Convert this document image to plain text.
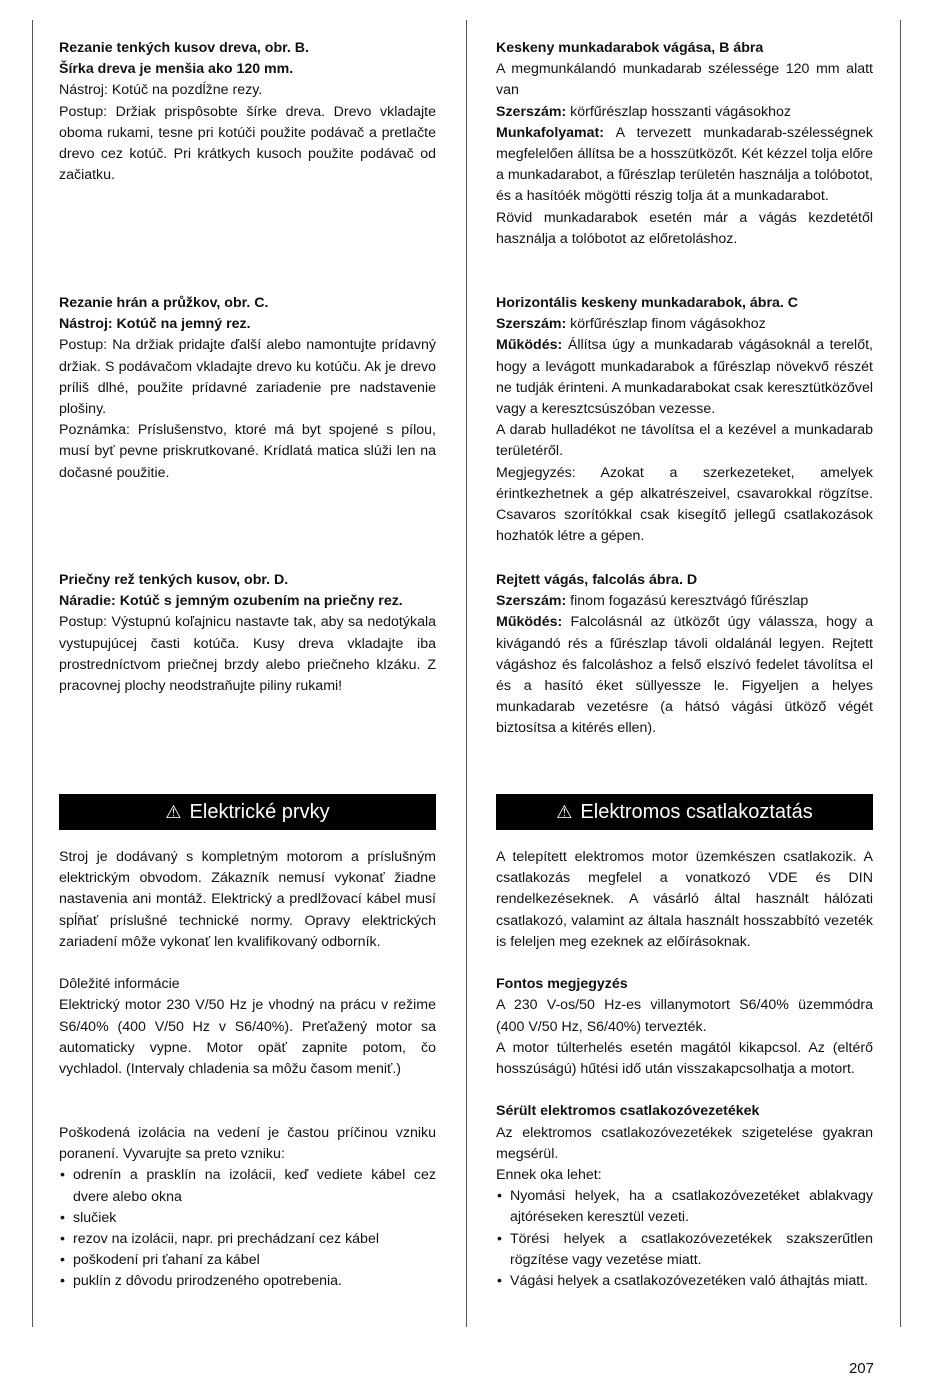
Rezanie tenkých kusov dreva, obr. B.

Šírka dreva je menšia ako 120 mm.

Nástroj: Kotúč na pozdĺžne rezy.

Postup: Držiak prispôsobte šírke dreva. Drevo vkladajte oboma rukami, tesne pri kotúči použite podávač a pretlačte drevo cez kotúč. Pri krátkych kusoch použite podávač od začiatku.

Rezanie hrán a průžkov, obr. C.

Nástroj: Kotúč na jemný rez.

Postup: Na držiak pridajte ďalší alebo namontujte prídavný držiak. S podávačom vkladajte drevo ku kotúču. Ak je drevo príliš dlhé, použite prídavné zariadenie pre nadstavenie plošiny.

Poznámka: Príslušenstvo, ktoré má byt spojené s pílou, musí byť pevne priskrutkované. Krídlatá matica slúži len na dočasné použitie.

Priečny rež tenkých kusov, obr. D.

Náradie: Kotúč s jemným ozubením na priečny rez.

Postup: Výstupnú koľajnicu nastavte tak, aby sa nedotýkala vystupujúcej časti kotúča. Kusy dreva vkladajte iba prostredníctvom priečnej brzdy alebo priečneho klzáku. Z pracovnej plochy neodstraňujte piliny rukami!

⚠ Elektrické prvky

Stroj je dodávaný s kompletným motorom a príslušným elektrickým obvodom. Zákazník nemusí vykonať žiadne nastavenia ani montáž. Elektrický a predlžovací kábel musí spĺňať príslušné technické normy. Opravy elektrických zariadení môže vykonať len kvalifikovaný odborník.

Dôležité informácie

Elektrický motor 230 V/50 Hz je vhodný na prácu v režime S6/40% (400 V/50 Hz v S6/40%). Preťažený motor sa automaticky vypne. Motor opäť zapnite potom, čo vychladol. (Intervaly chladenia sa môžu časom meniť.)

Poškodená izolácia na vedení je častou príčinou vzniku poranení. Vyvarujte sa preto vzniku:

• odrenín a prasklín na izolácii, keď vediete kábel cez dvere alebo okna
• slučiek
• rezov na izolácii, napr. pri prechádzaní cez kábel
• poškodení pri ťahaní za kábel
• puklín z dôvodu prirodzeného opotrebenia.

Keskeny munkadarabok vágása, B ábra

A megmunkálandó munkadarab szélessége 120 mm alatt van

Szerszám: körfűrészlap hosszanti vágásokhoz

Munkafolyamat: A tervezett munkadarab-szélességnek megfelelően állítsa be a hosszütközőt. Két kézzel tolja előre a munkadarabot, a fűrészlap területén használja a tolóbotot, és a hasítóék mögötti részig tolja át a munkadarabot.

Rövid munkadarabok esetén már a vágás kezdetétől használja a tolóbotot az előretoláshoz.

Horizontális keskeny munkadarabok, ábra. C

Szerszám: körfűrészlap finom vágásokhoz

Működés: Állítsa úgy a munkadarab vágásoknál a terelőt, hogy a levágott munkadarabok a fűrészlap növekvő részét ne tudják érinteni. A munkadarabokat csak keresztütközővel vagy a keresztcsúszóban vezesse.

A darab hulladékot ne távolítsa el a kezével a munkadarab területéről.

Megjegyzés: Azokat a szerkezeteket, amelyek érintkezhetnek a gép alkatrészeivel, csavarokkal rögzítse. Csavaros szorítókkal csak kisegítő jellegű csatlakozások hozhatók létre a gépen.

Rejtett vágás, falcolás ábra. D

Szerszám: finom fogazású keresztvágó fűrészlap

Működés: Falcolásnál az ütközőt úgy válassza, hogy a kivágandó rés a fűrészlap távoli oldalánál legyen. Rejtett vágáshoz és falcoláshoz a felső elszívó fedelet távolítsa el és a hasító éket süllyessze le. Figyeljen a helyes munkadarab vezetésre (a hátsó vágási ütköző végét biztosítsa a kitérés ellen).

⚠ Elektromos csatlakoztatás

A telepített elektromos motor üzemkészen csatlakozik. A csatlakozás megfelel a vonatkozó VDE és DIN rendelkezéseknek. A vásárló által használt hálózati csatlakozó, valamint az általa használt hosszabbító vezeték is feleljen meg ezeknek az előírásoknak.

Fontos megjegyzés

A 230 V-os/50 Hz-es villanymotort S6/40% üzemmódra (400 V/50 Hz, S6/40%) tervezték.

A motor túlterhelés esetén magától kikapcsol. Az (eltérő hosszúságú) hűtési idő után visszakapcsolhatja a motort.

Sérült elektromos csatlakozóvezetékek

Az elektromos csatlakozóvezetékek szigetelése gyakran megsérül.

Ennek oka lehet:

• Nyomási helyek, ha a csatlakozóvezetéket ablakvagy ajtóréseken keresztül vezeti.
• Törési helyek a csatlakozóvezetékek szakszerűtlen rögzítése vagy vezetése miatt.
• Vágási helyek a csatlakozóvezetéken való áthajtás miatt.
207
